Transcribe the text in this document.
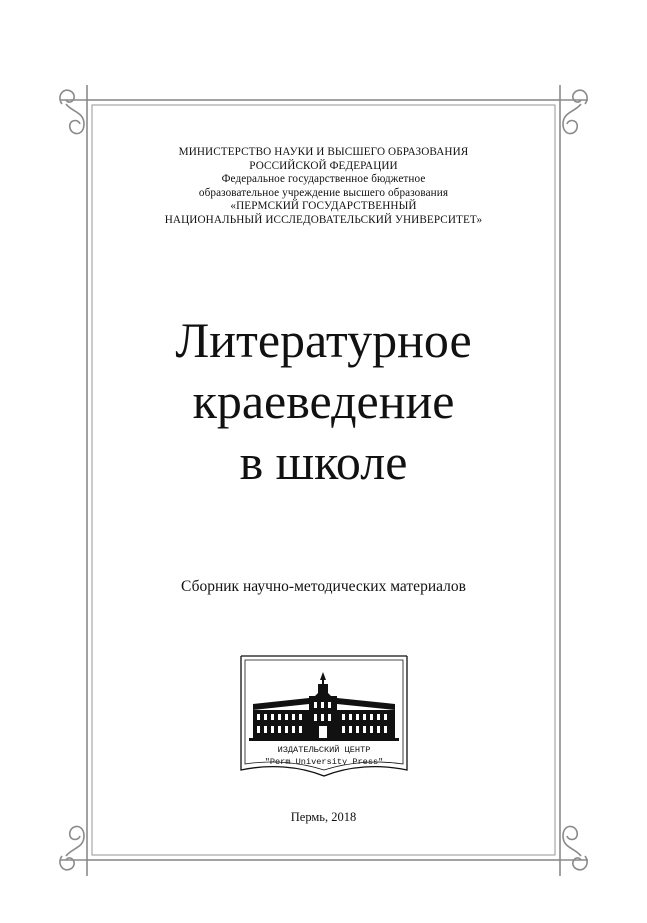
МИНИСТЕРСТВО НАУКИ И ВЫСШЕГО ОБРАЗОВАНИЯ
РОССИЙСКОЙ ФЕДЕРАЦИИ
Федеральное государственное бюджетное
образовательное учреждение высшего образования
«ПЕРМСКИЙ ГОСУДАРСТВЕННЫЙ
НАЦИОНАЛЬНЫЙ ИССЛЕДОВАТЕЛЬСКИЙ УНИВЕРСИТЕТ»
Литературное
краеведение
в школе
Сборник научно-методических материалов
ИЗДАТЕЛЬСКИЙ ЦЕНТР
"Perm University Press"
Пермь, 2018
